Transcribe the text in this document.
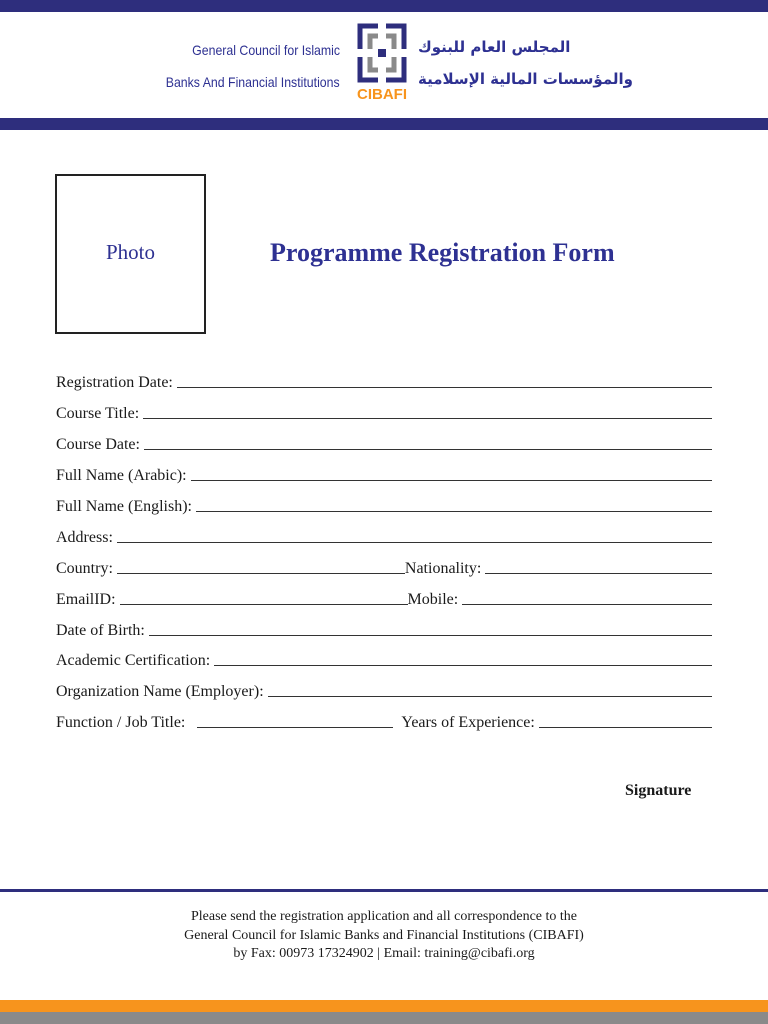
General Council for Islamic
Banks And Financial Institutions
CIBAFI
المجلس العام للبنوك
والمؤسسات المالية الإسلامية
Photo	Programme Registration Form
Registration Date:
Course Title:
Course Date:
Full Name (Arabic):
Full Name (English):
Address:
Country:	Nationality:
EmailID:	Mobile:
Date of Birth:
Academic Certification:
Organization Name (Employer):
Function / Job Title:	Years of Experience:
Signature
Please send the registration application and all correspondence to the
General Council for Islamic Banks and Financial Institutions (CIBAFI)
by Fax: 00973 17324902 | Email: training@cibafi.org
